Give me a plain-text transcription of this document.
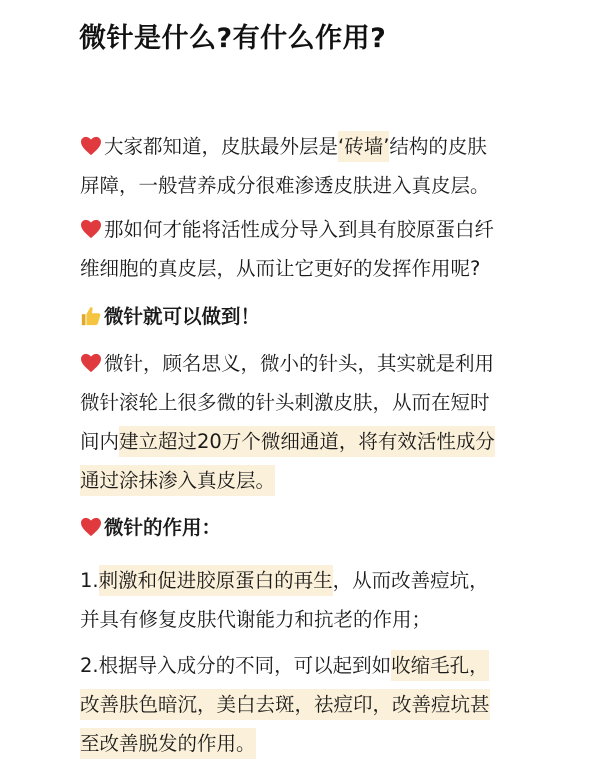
微针是什么?有什么作用?
大家都知道，皮肤最外层是‘砖墙’结构的皮肤
屏障，一般营养成分很难渗透皮肤进入真皮层。
那如何才能将活性成分导入到具有胶原蛋白纤
维细胞的真皮层，从而让它更好的发挥作用呢?
微针就可以做到！
微针，顾名思义，微小的针头，其实就是利用
微针滚轮上很多微的针头刺激皮肤，从而在短时
间内建立超过20万个微细通道，将有效活性成分
通过涂抹渗入真皮层。
微针的作用：
1.刺激和促进胶原蛋白的再生，从而改善痘坑，
并具有修复皮肤代谢能力和抗老的作用；
2.根据导入成分的不同，可以起到如收缩毛孔，
改善肤色暗沉，美白去斑，祛痘印，改善痘坑甚
至改善脱发的作用。
